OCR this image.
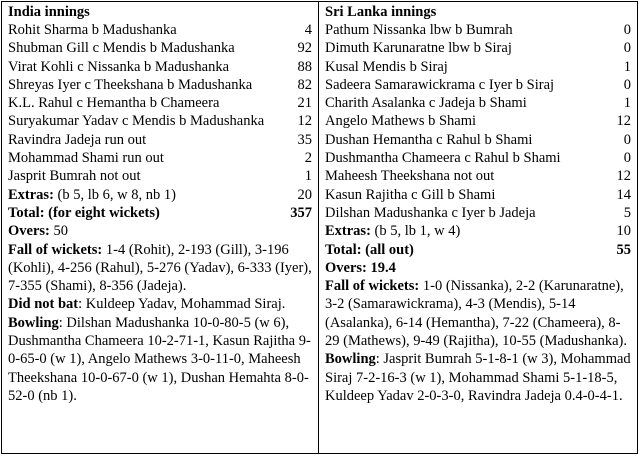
India innings
Rohit Sharma b Madushanka	4
Shubman Gill c Mendis b Madushanka	92
Virat Kohli c Nissanka b Madushanka	88
Shreyas Iyer c Theekshana b Madushanka	82
K.L. Rahul c Hemantha b Chameera	21
Suryakumar Yadav c Mendis b Madushanka	12
Ravindra Jadeja run out	35
Mohammad Shami run out	2
Jasprit Bumrah not out	1
Extras: (b 5, lb 6, w 8, nb 1)	20
Total: (for eight wickets)	357
Overs: 50
Fall of wickets: 1-4 (Rohit), 2-193 (Gill), 3-196 (Kohli), 4-256 (Rahul), 5-276 (Yadav), 6-333 (Iyer), 7-355 (Shami), 8-356 (Jadeja).
Did not bat: Kuldeep Yadav, Mohammad Siraj.
Bowling: Dilshan Madushanka 10-0-80-5 (w 6), Dushmantha Chameera 10-2-71-1, Kasun Rajitha 9-0-65-0 (w 1), Angelo Mathews 3-0-11-0, Maheesh Theekshana 10-0-67-0 (w 1), Dushan Hemahta 8-0-52-0 (nb 1).
Sri Lanka innings
Pathum Nissanka lbw b Bumrah	0
Dimuth Karunaratne lbw b Siraj	0
Kusal Mendis b Siraj	1
Sadeera Samarawickrama c Iyer b Siraj	0
Charith Asalanka c Jadeja b Shami	1
Angelo Mathews b Shami	12
Dushan Hemantha c Rahul b Shami	0
Dushmantha Chameera c Rahul b Shami	0
Maheesh Theekshana not out	12
Kasun Rajitha c Gill b Shami	14
Dilshan Madushanka c Iyer b Jadeja	5
Extras: (b 5, lb 1, w 4)	10
Total: (all out)	55
Overs: 19.4
Fall of wickets: 1-0 (Nissanka), 2-2 (Karunaratne), 3-2 (Samarawickrama), 4-3 (Mendis), 5-14 (Asalanka), 6-14 (Hemantha), 7-22 (Chameera), 8-29 (Mathews), 9-49 (Rajitha), 10-55 (Madushanka).
Bowling: Jasprit Bumrah 5-1-8-1 (w 3), Mohammad Siraj 7-2-16-3 (w 1), Mohammad Shami 5-1-18-5, Kuldeep Yadav 2-0-3-0, Ravindra Jadeja 0.4-0-4-1.
